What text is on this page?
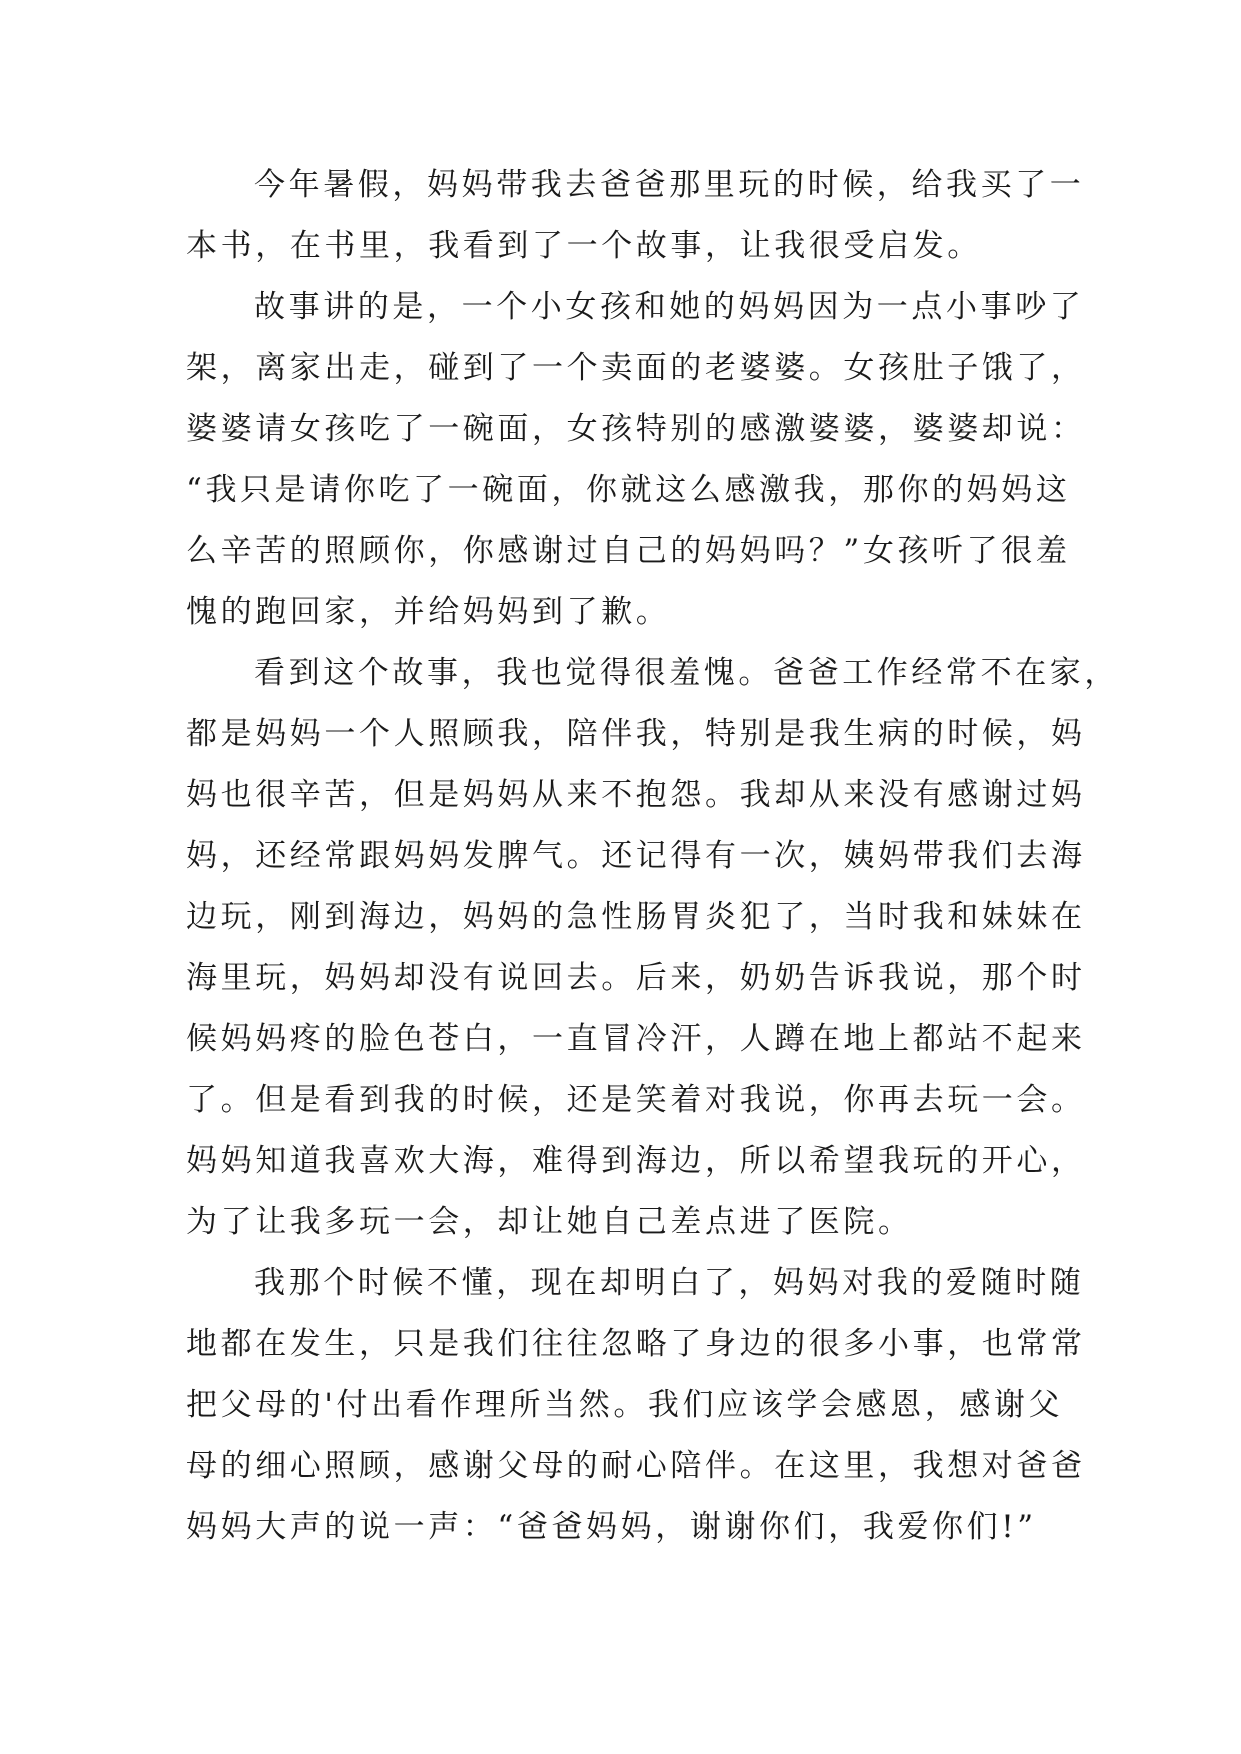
今年暑假，妈妈带我去爸爸那里玩的时候，给我买了一
本书，在书里，我看到了一个故事，让我很受启发。
故事讲的是，一个小女孩和她的妈妈因为一点小事吵了
架，离家出走，碰到了一个卖面的老婆婆。女孩肚子饿了，
婆婆请女孩吃了一碗面，女孩特别的感激婆婆，婆婆却说：
“我只是请你吃了一碗面，你就这么感激我，那你的妈妈这
么辛苦的照顾你，你感谢过自己的妈妈吗？”女孩听了很羞
愧的跑回家，并给妈妈到了歉。
看到这个故事，我也觉得很羞愧。爸爸工作经常不在家，
都是妈妈一个人照顾我，陪伴我，特别是我生病的时候，妈
妈也很辛苦，但是妈妈从来不抱怨。我却从来没有感谢过妈
妈，还经常跟妈妈发脾气。还记得有一次，姨妈带我们去海
边玩，刚到海边，妈妈的急性肠胃炎犯了，当时我和妹妹在
海里玩，妈妈却没有说回去。后来，奶奶告诉我说，那个时
候妈妈疼的脸色苍白，一直冒冷汗，人蹲在地上都站不起来
了。但是看到我的时候，还是笑着对我说，你再去玩一会。
妈妈知道我喜欢大海，难得到海边，所以希望我玩的开心，
为了让我多玩一会，却让她自己差点进了医院。
我那个时候不懂，现在却明白了，妈妈对我的爱随时随
地都在发生，只是我们往往忽略了身边的很多小事，也常常
把父母的'付出看作理所当然。我们应该学会感恩，感谢父
母的细心照顾，感谢父母的耐心陪伴。在这里，我想对爸爸
妈妈大声的说一声：“爸爸妈妈，谢谢你们，我爱你们!”
